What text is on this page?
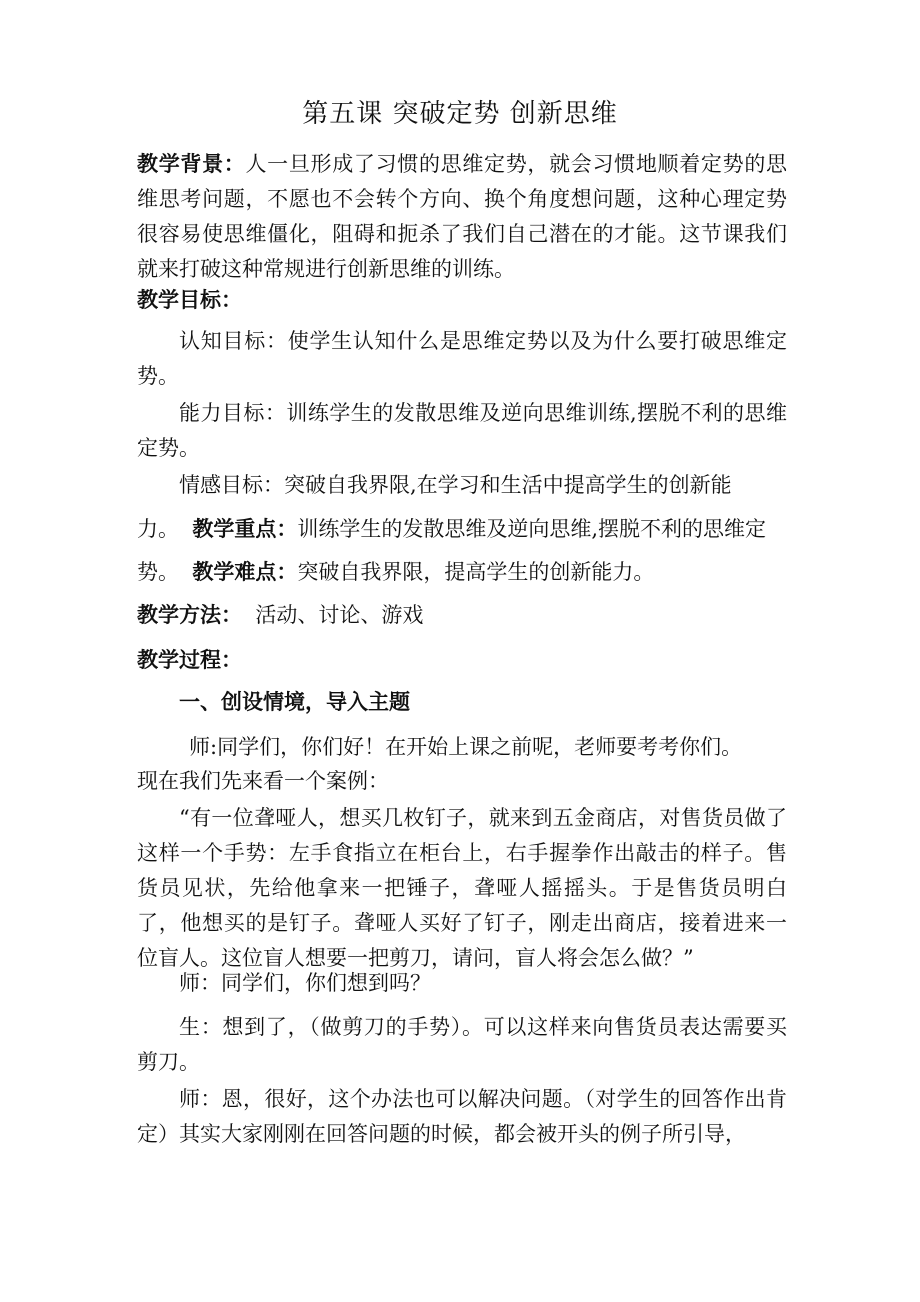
第五课 突破定势 创新思维
教学背景：人一旦形成了习惯的思维定势，就会习惯地顺着定势的思维思考问题，不愿也不会转个方向、换个角度想问题，这种心理定势很容易使思维僵化，阻碍和扼杀了我们自己潜在的才能。这节课我们就来打破这种常规进行创新思维的训练。
教学目标：
认知目标：使学生认知什么是思维定势以及为什么要打破思维定势。
能力目标：训练学生的发散思维及逆向思维训练,摆脱不利的思维定势。
情感目标：突破自我界限,在学习和生活中提高学生的创新能
力。 教学重点：训练学生的发散思维及逆向思维,摆脱不利的思维定
势。 教学难点：突破自我界限，提高学生的创新能力。
教学方法： 活动、讨论、游戏
教学过程：
一、创设情境，导入主题
师:同学们，你们好！在开始上课之前呢，老师要考考你们。
现在我们先来看一个案例：
“有一位聋哑人，想买几枚钉子，就来到五金商店，对售货员做了这样一个手势：左手食指立在柜台上，右手握拳作出敲击的样子。售货员见状，先给他拿来一把锤子，聋哑人摇摇头。于是售货员明白了，他想买的是钉子。聋哑人买好了钉子，刚走出商店，接着进来一位盲人。这位盲人想要一把剪刀，请问，盲人将会怎么做？”
师：同学们，你们想到吗？
生：想到了，（做剪刀的手势）。可以这样来向售货员表达需要买 剪刀。
师：恩，很好，这个办法也可以解决问题。（对学生的回答作出肯定）其实大家刚刚在回答问题的时候，都会被开头的例子所引导，
